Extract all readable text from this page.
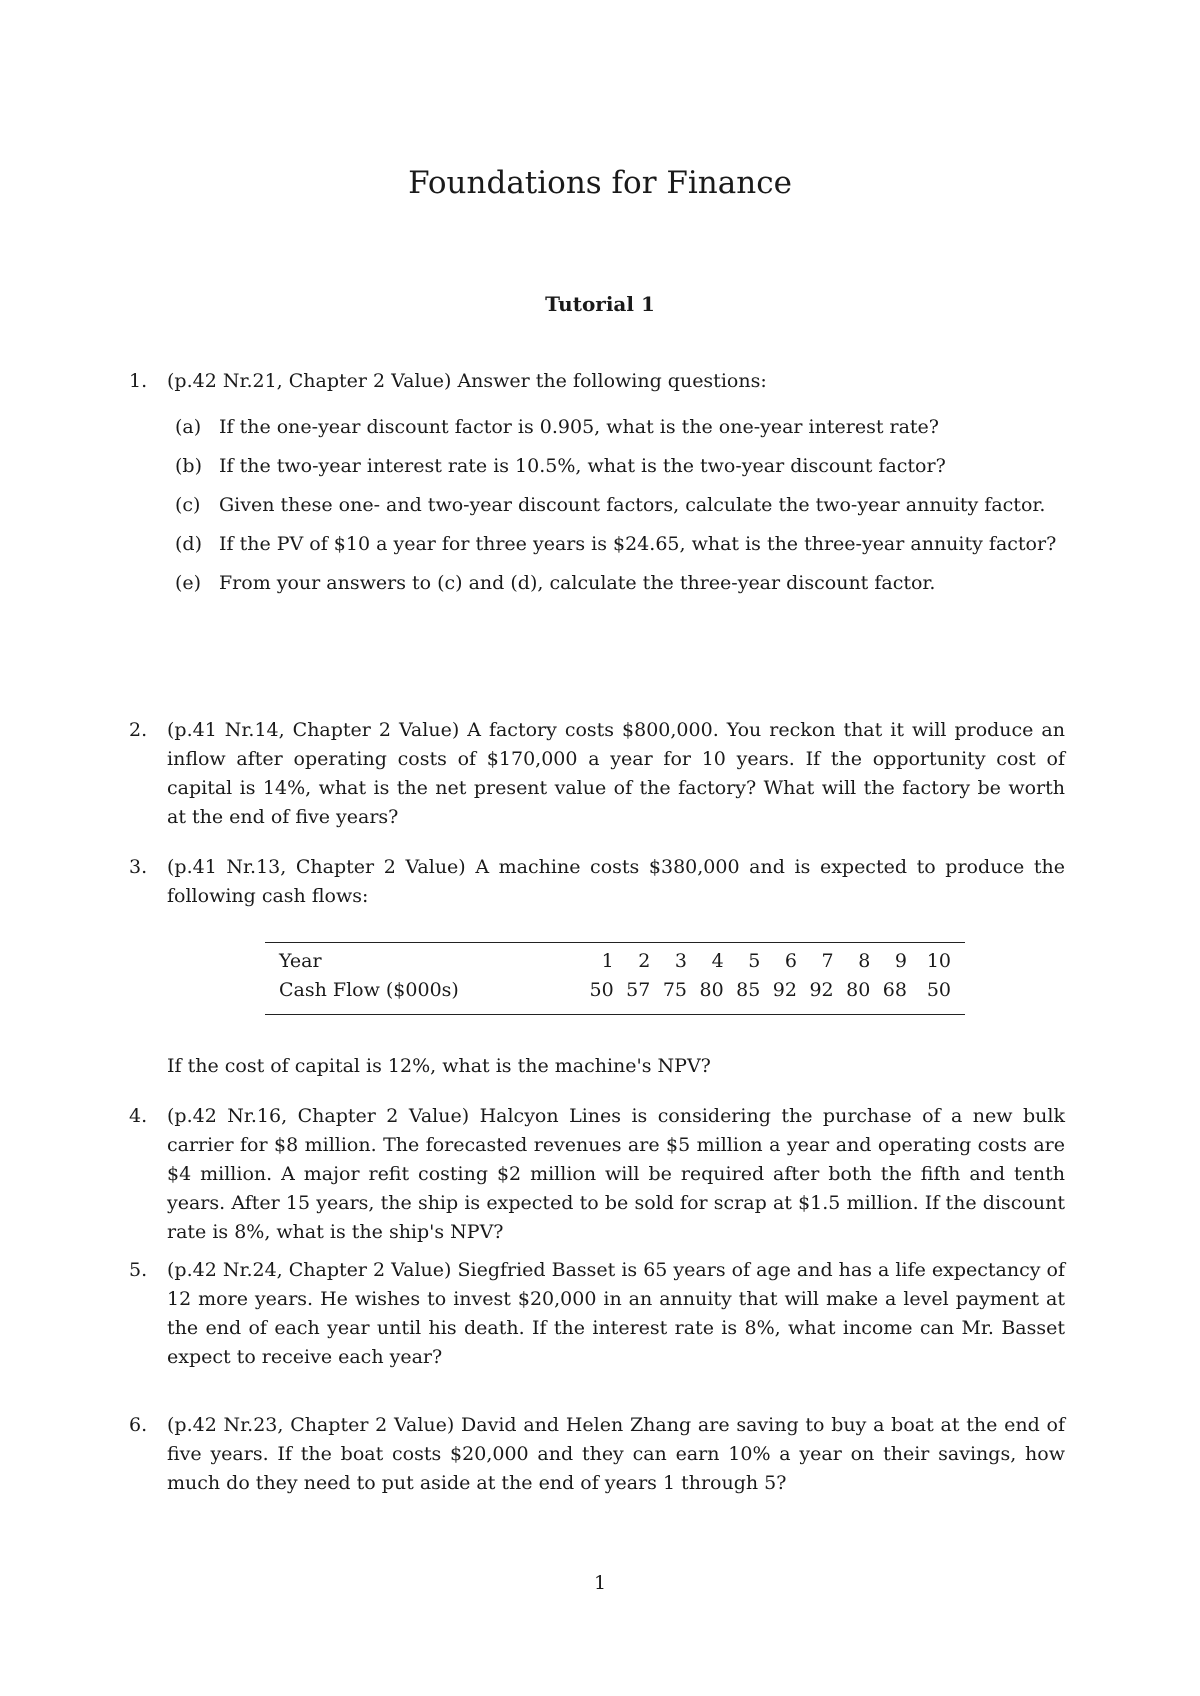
Foundations for Finance
Tutorial 1
1. (p.42 Nr.21, Chapter 2 Value) Answer the following questions:
(a) If the one-year discount factor is 0.905, what is the one-year interest rate?
(b) If the two-year interest rate is 10.5%, what is the two-year discount factor?
(c) Given these one- and two-year discount factors, calculate the two-year annuity factor.
(d) If the PV of $10 a year for three years is $24.65, what is the three-year annuity factor?
(e) From your answers to (c) and (d), calculate the three-year discount factor.
2. (p.41 Nr.14, Chapter 2 Value) A factory costs $800,000. You reckon that it will produce an inflow after operating costs of $170,000 a year for 10 years. If the opportunity cost of capital is 14%, what is the net present value of the factory? What will the factory be worth at the end of five years?
3. (p.41 Nr.13, Chapter 2 Value) A machine costs $380,000 and is expected to produce the following cash flows:
Year	1	2	3	4	5	6	7	8	9	10
Cash Flow ($000s)	50	57	75	80	85	92	92	80	68	50
If the cost of capital is 12%, what is the machine's NPV?
4. (p.42 Nr.16, Chapter 2 Value) Halcyon Lines is considering the purchase of a new bulk carrier for $8 million. The forecasted revenues are $5 million a year and operating costs are $4 million. A major refit costing $2 million will be required after both the fifth and tenth years. After 15 years, the ship is expected to be sold for scrap at $1.5 million. If the discount rate is 8%, what is the ship's NPV?
5. (p.42 Nr.24, Chapter 2 Value) Siegfried Basset is 65 years of age and has a life expectancy of 12 more years. He wishes to invest $20,000 in an annuity that will make a level payment at the end of each year until his death. If the interest rate is 8%, what income can Mr. Basset expect to receive each year?
6. (p.42 Nr.23, Chapter 2 Value) David and Helen Zhang are saving to buy a boat at the end of five years. If the boat costs $20,000 and they can earn 10% a year on their savings, how much do they need to put aside at the end of years 1 through 5?
1
